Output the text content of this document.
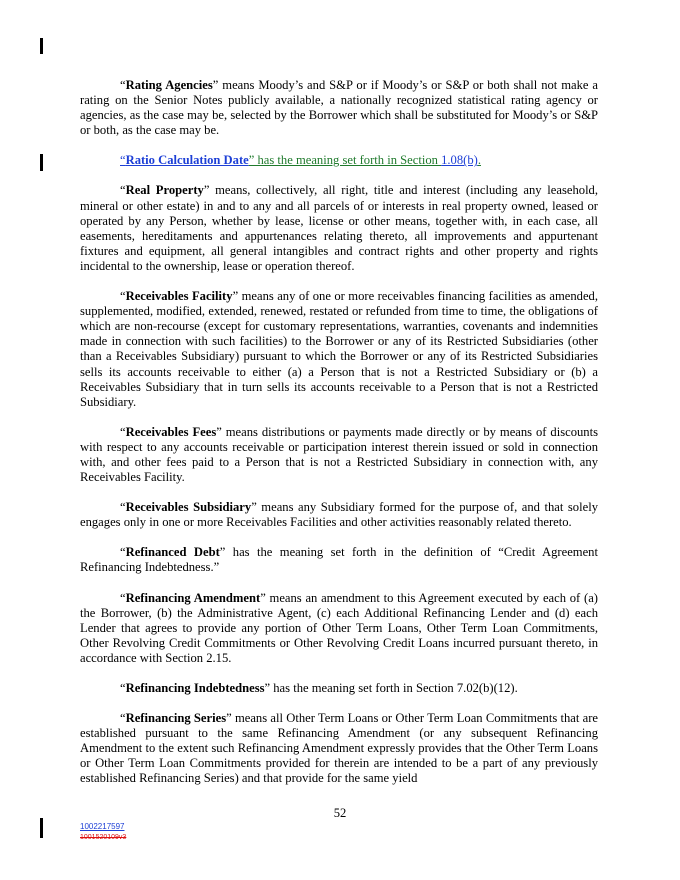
“Rating Agencies” means Moody’s and S&P or if Moody’s or S&P or both shall not make a rating on the Senior Notes publicly available, a nationally recognized statistical rating agency or agencies, as the case may be, selected by the Borrower which shall be substituted for Moody’s or S&P or both, as the case may be.

“Ratio Calculation Date” has the meaning set forth in Section 1.08(b).

“Real Property” means, collectively, all right, title and interest (including any leasehold, mineral or other estate) in and to any and all parcels of or interests in real property owned, leased or operated by any Person, whether by lease, license or other means, together with, in each case, all easements, hereditaments and appurtenances relating thereto, all improvements and appurtenant fixtures and equipment, all general intangibles and contract rights and other property and rights incidental to the ownership, lease or operation thereof.

“Receivables Facility” means any of one or more receivables financing facilities as amended, supplemented, modified, extended, renewed, restated or refunded from time to time, the obligations of which are non-recourse (except for customary representations, warranties, covenants and indemnities made in connection with such facilities) to the Borrower or any of its Restricted Subsidiaries (other than a Receivables Subsidiary) pursuant to which the Borrower or any of its Restricted Subsidiaries sells its accounts receivable to either (a) a Person that is not a Restricted Subsidiary or (b) a Receivables Subsidiary that in turn sells its accounts receivable to a Person that is not a Restricted Subsidiary.

“Receivables Fees” means distributions or payments made directly or by means of discounts with respect to any accounts receivable or participation interest therein issued or sold in connection with, and other fees paid to a Person that is not a Restricted Subsidiary in connection with, any Receivables Facility.

“Receivables Subsidiary” means any Subsidiary formed for the purpose of, and that solely engages only in one or more Receivables Facilities and other activities reasonably related thereto.

“Refinanced Debt” has the meaning set forth in the definition of “Credit Agreement Refinancing Indebtedness.”

“Refinancing Amendment” means an amendment to this Agreement executed by each of (a) the Borrower, (b) the Administrative Agent, (c) each Additional Refinancing Lender and (d) each Lender that agrees to provide any portion of Other Term Loans, Other Term Loan Commitments, Other Revolving Credit Commitments or Other Revolving Credit Loans incurred pursuant thereto, in accordance with Section 2.15.

“Refinancing Indebtedness” has the meaning set forth in Section 7.02(b)(12).

“Refinancing Series” means all Other Term Loans or Other Term Loan Commitments that are established pursuant to the same Refinancing Amendment (or any subsequent Refinancing Amendment to the extent such Refinancing Amendment expressly provides that the Other Term Loans or Other Term Loan Commitments provided for therein are intended to be a part of any previously established Refinancing Series) and that provide for the same yield

52
1002217597
1001520109v3
